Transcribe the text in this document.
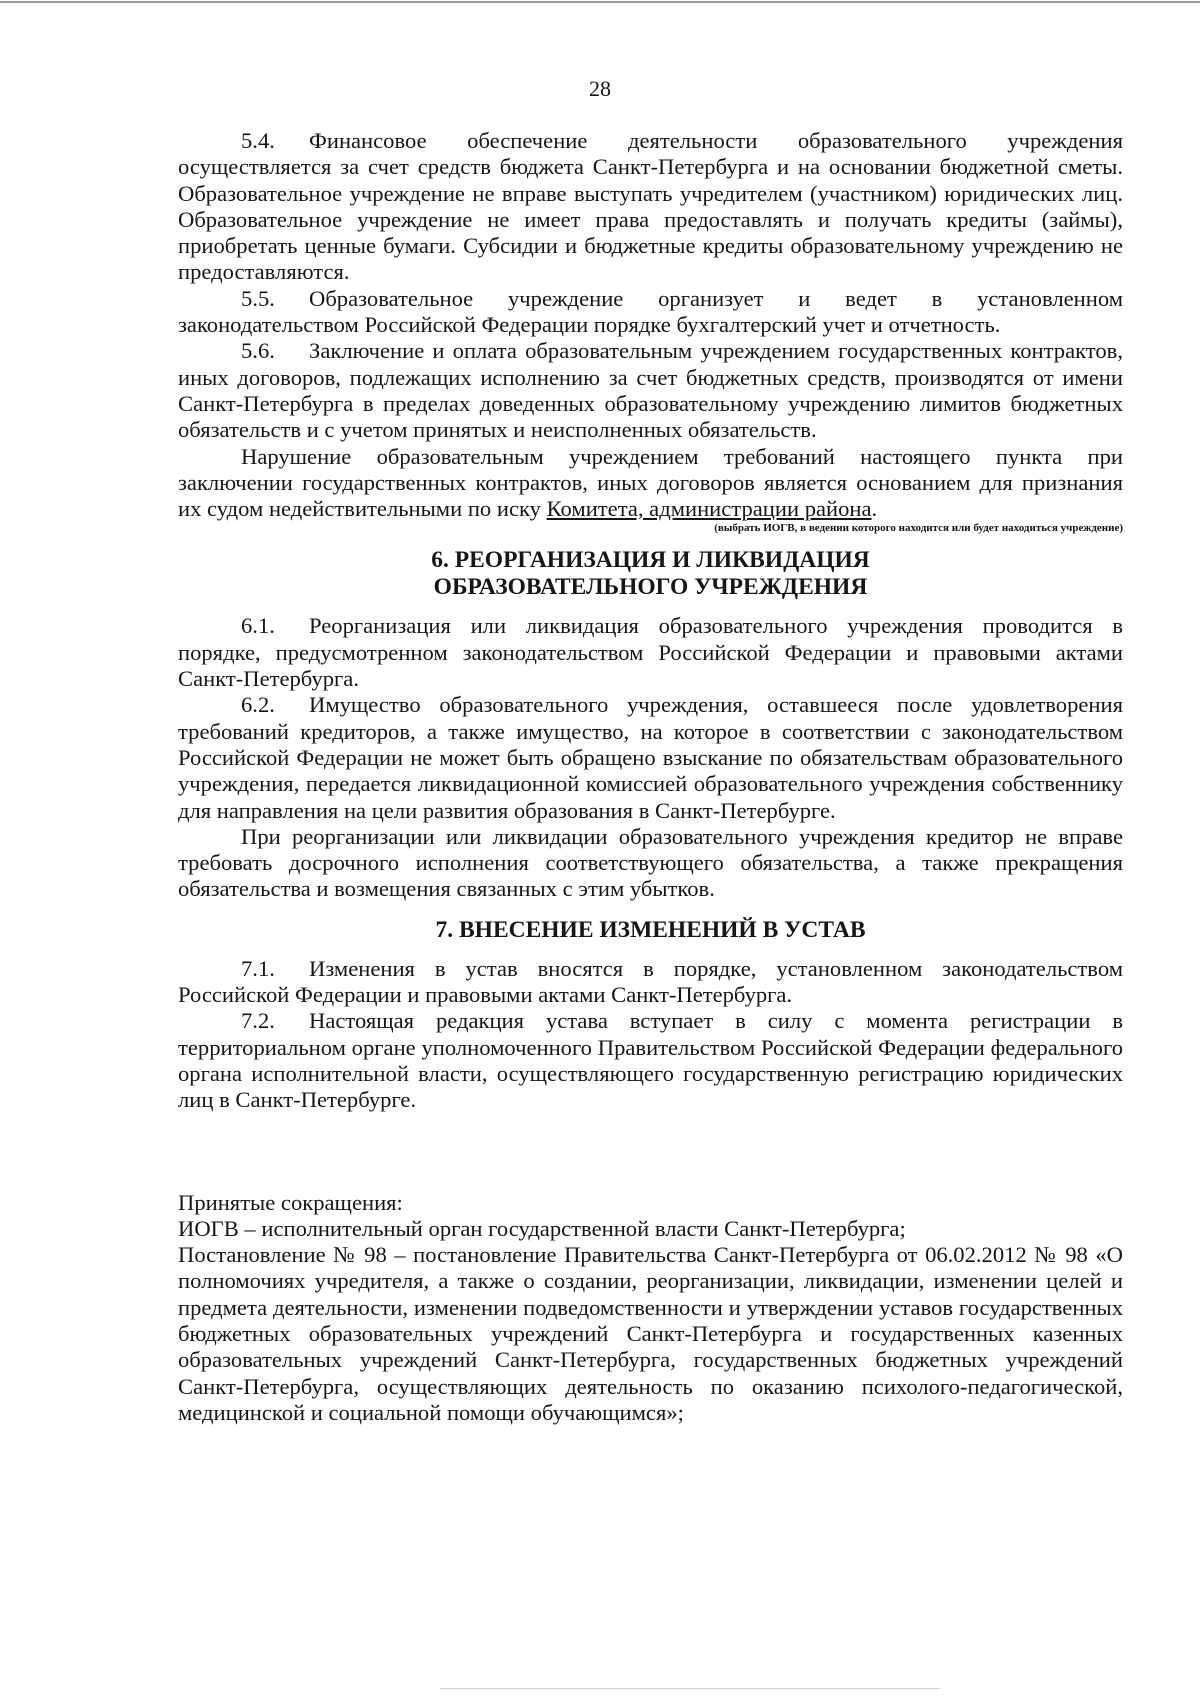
28

5.4. Финансовое обеспечение деятельности образовательного учреждения осуществляется за счет средств бюджета Санкт-Петербурга и на основании бюджетной сметы. Образовательное учреждение не вправе выступать учредителем (участником) юридических лиц. Образовательное учреждение не имеет права предоставлять и получать кредиты (займы), приобретать ценные бумаги. Субсидии и бюджетные кредиты образовательному учреждению не предоставляются.

5.5. Образовательное учреждение организует и ведет в установленном законодательством Российской Федерации порядке бухгалтерский учет и отчетность.

5.6. Заключение и оплата образовательным учреждением государственных контрактов, иных договоров, подлежащих исполнению за счет бюджетных средств, производятся от имени Санкт-Петербурга в пределах доведенных образовательному учреждению лимитов бюджетных обязательств и с учетом принятых и неисполненных обязательств.

Нарушение образовательным учреждением требований настоящего пункта при заключении государственных контрактов, иных договоров является основанием для признания их судом недействительными по иску Комитета, администрации района.

(выбрать ИОГВ, в ведении которого находится или будет находиться учреждение)

6. РЕОРГАНИЗАЦИЯ И ЛИКВИДАЦИЯ
ОБРАЗОВАТЕЛЬНОГО УЧРЕЖДЕНИЯ

6.1. Реорганизация или ликвидация образовательного учреждения проводится в порядке, предусмотренном законодательством Российской Федерации и правовыми актами Санкт-Петербурга.

6.2. Имущество образовательного учреждения, оставшееся после удовлетворения требований кредиторов, а также имущество, на которое в соответствии с законодательством Российской Федерации не может быть обращено взыскание по обязательствам образовательного учреждения, передается ликвидационной комиссией образовательного учреждения собственнику для направления на цели развития образования в Санкт-Петербурге.

При реорганизации или ликвидации образовательного учреждения кредитор не вправе требовать досрочного исполнения соответствующего обязательства, а также прекращения обязательства и возмещения связанных с этим убытков.

7. ВНЕСЕНИЕ ИЗМЕНЕНИЙ В УСТАВ

7.1. Изменения в устав вносятся в порядке, установленном законодательством Российской Федерации и правовыми актами Санкт-Петербурга.

7.2. Настоящая редакция устава вступает в силу с момента регистрации в территориальном органе уполномоченного Правительством Российской Федерации федерального органа исполнительной власти, осуществляющего государственную регистрацию юридических лиц в Санкт-Петербурге.

Принятые сокращения:

ИОГВ – исполнительный орган государственной власти Санкт-Петербурга;

Постановление № 98 – постановление Правительства Санкт-Петербурга от 06.02.2012 № 98 «О полномочиях учредителя, а также о создании, реорганизации, ликвидации, изменении целей и предмета деятельности, изменении подведомственности и утверждении уставов государственных бюджетных образовательных учреждений Санкт-Петербурга и государственных казенных образовательных учреждений Санкт-Петербурга, государственных бюджетных учреждений Санкт-Петербурга, осуществляющих деятельность по оказанию психолого-педагогической, медицинской и социальной помощи обучающимся»;
